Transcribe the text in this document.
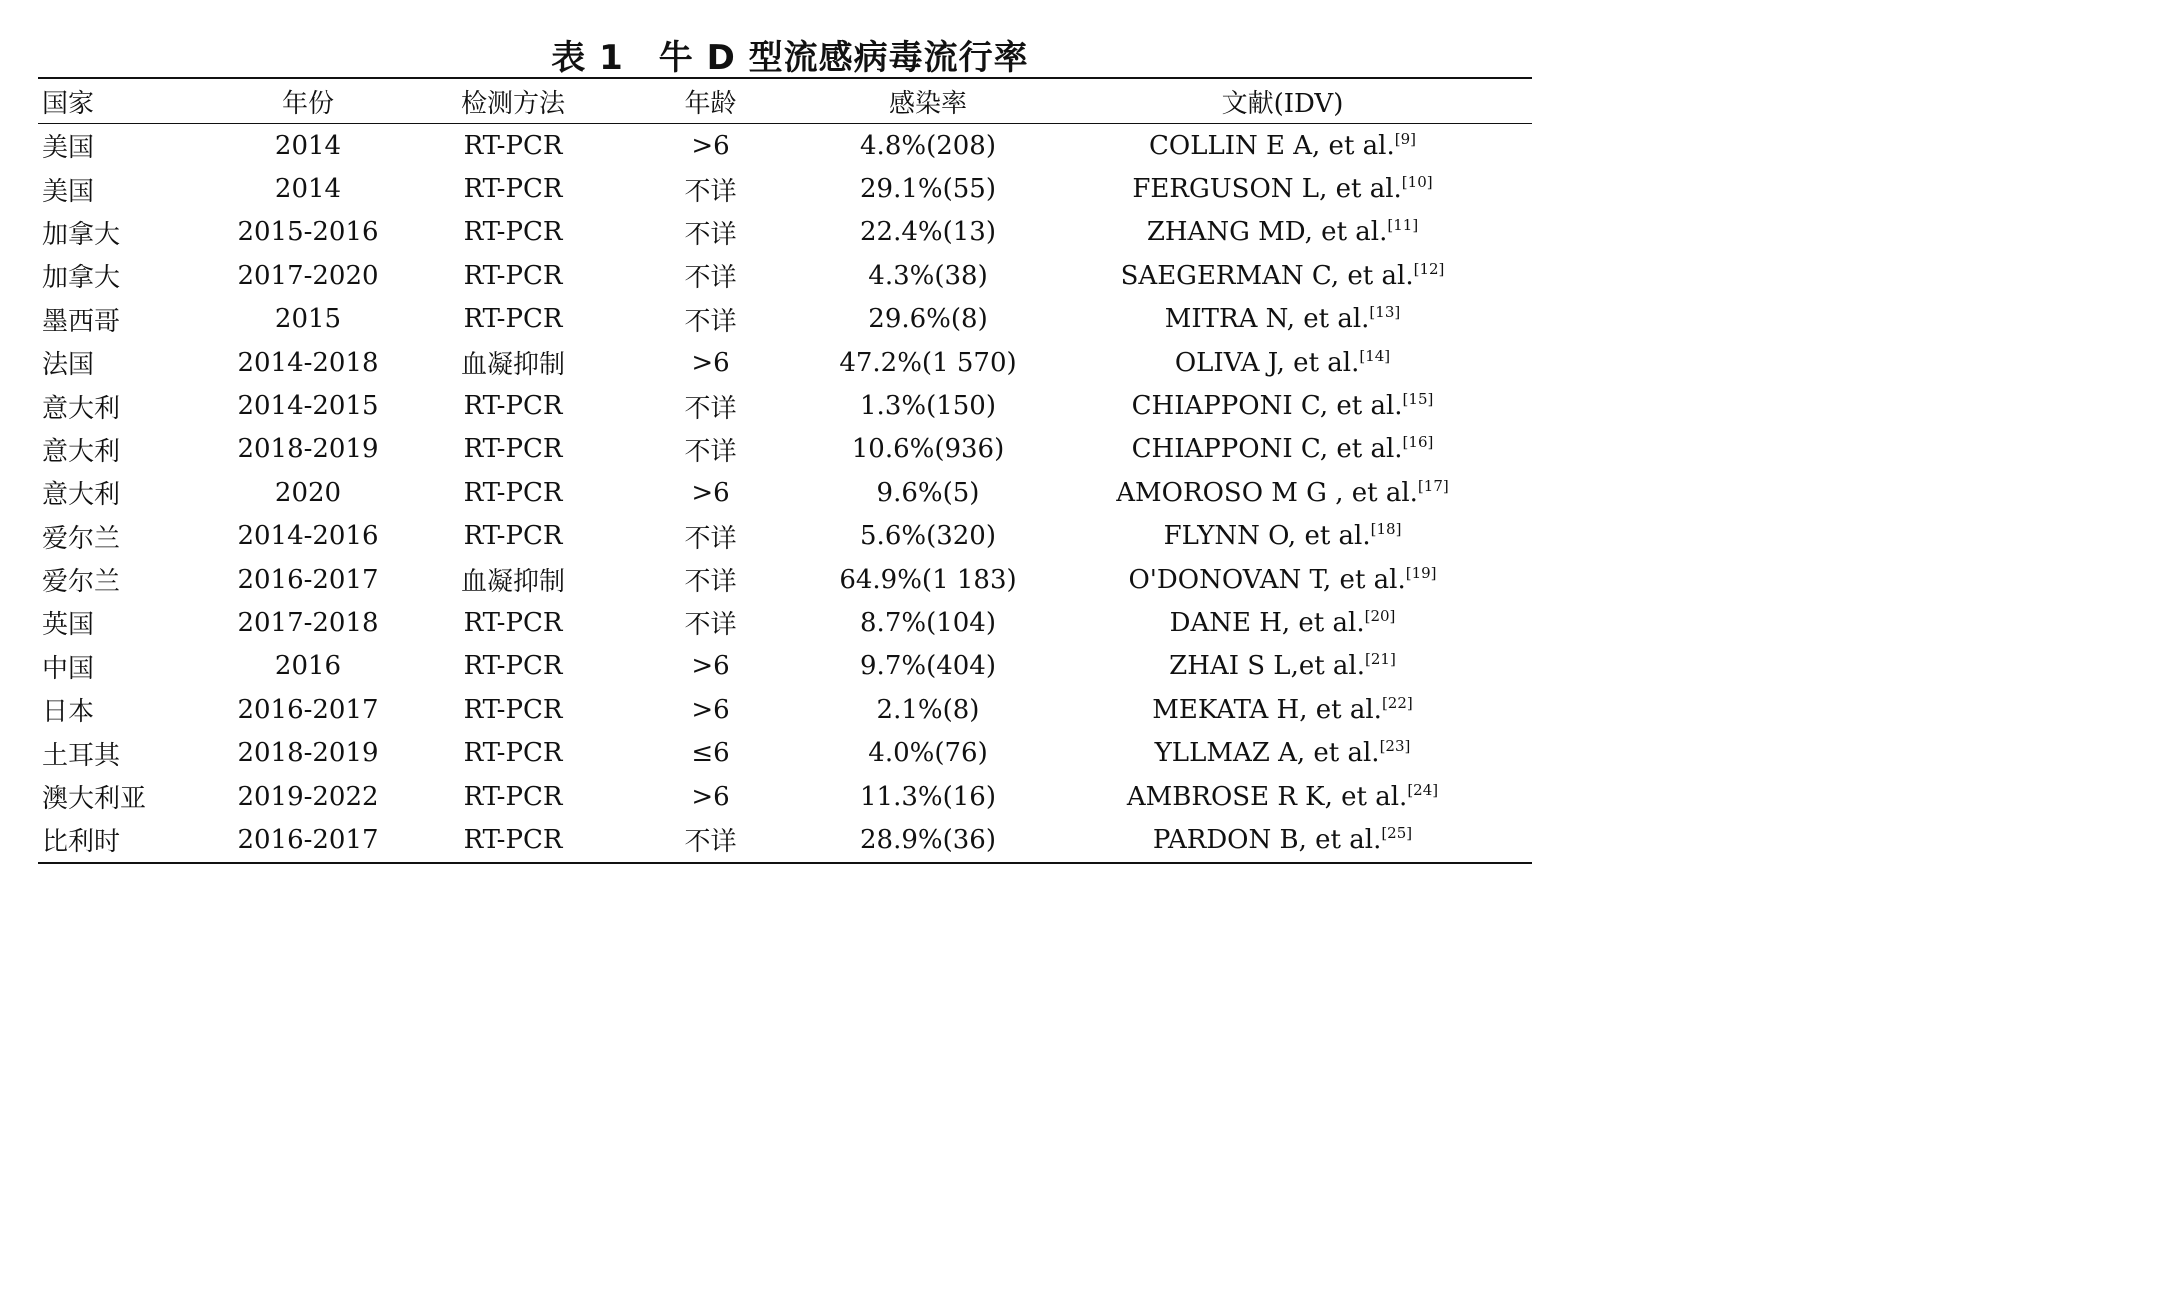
表 1　牛 D 型流感病毒流行率
国家	年份	检测方法	年龄	感染率	文献(IDV)
美国	2014	RT-PCR	>6	4.8%(208)	COLLIN E A, et al.[9]
美国	2014	RT-PCR	不详	29.1%(55)	FERGUSON L, et al.[10]
加拿大	2015-2016	RT-PCR	不详	22.4%(13)	ZHANG MD, et al.[11]
加拿大	2017-2020	RT-PCR	不详	4.3%(38)	SAEGERMAN C, et al.[12]
墨西哥	2015	RT-PCR	不详	29.6%(8)	MITRA N, et al.[13]
法国	2014-2018	血凝抑制	>6	47.2%(1 570)	OLIVA J, et al.[14]
意大利	2014-2015	RT-PCR	不详	1.3%(150)	CHIAPPONI C, et al.[15]
意大利	2018-2019	RT-PCR	不详	10.6%(936)	CHIAPPONI C, et al.[16]
意大利	2020	RT-PCR	>6	9.6%(5)	AMOROSO M G , et al.[17]
爱尔兰	2014-2016	RT-PCR	不详	5.6%(320)	FLYNN O, et al.[18]
爱尔兰	2016-2017	血凝抑制	不详	64.9%(1 183)	O'DONOVAN T, et al.[19]
英国	2017-2018	RT-PCR	不详	8.7%(104)	DANE H, et al.[20]
中国	2016	RT-PCR	>6	9.7%(404)	ZHAI S L,et al.[21]
日本	2016-2017	RT-PCR	>6	2.1%(8)	MEKATA H, et al.[22]
土耳其	2018-2019	RT-PCR	≤6	4.0%(76)	YLLMAZ A, et al.[23]
澳大利亚	2019-2022	RT-PCR	>6	11.3%(16)	AMBROSE R K, et al.[24]
比利时	2016-2017	RT-PCR	不详	28.9%(36)	PARDON B, et al.[25]
